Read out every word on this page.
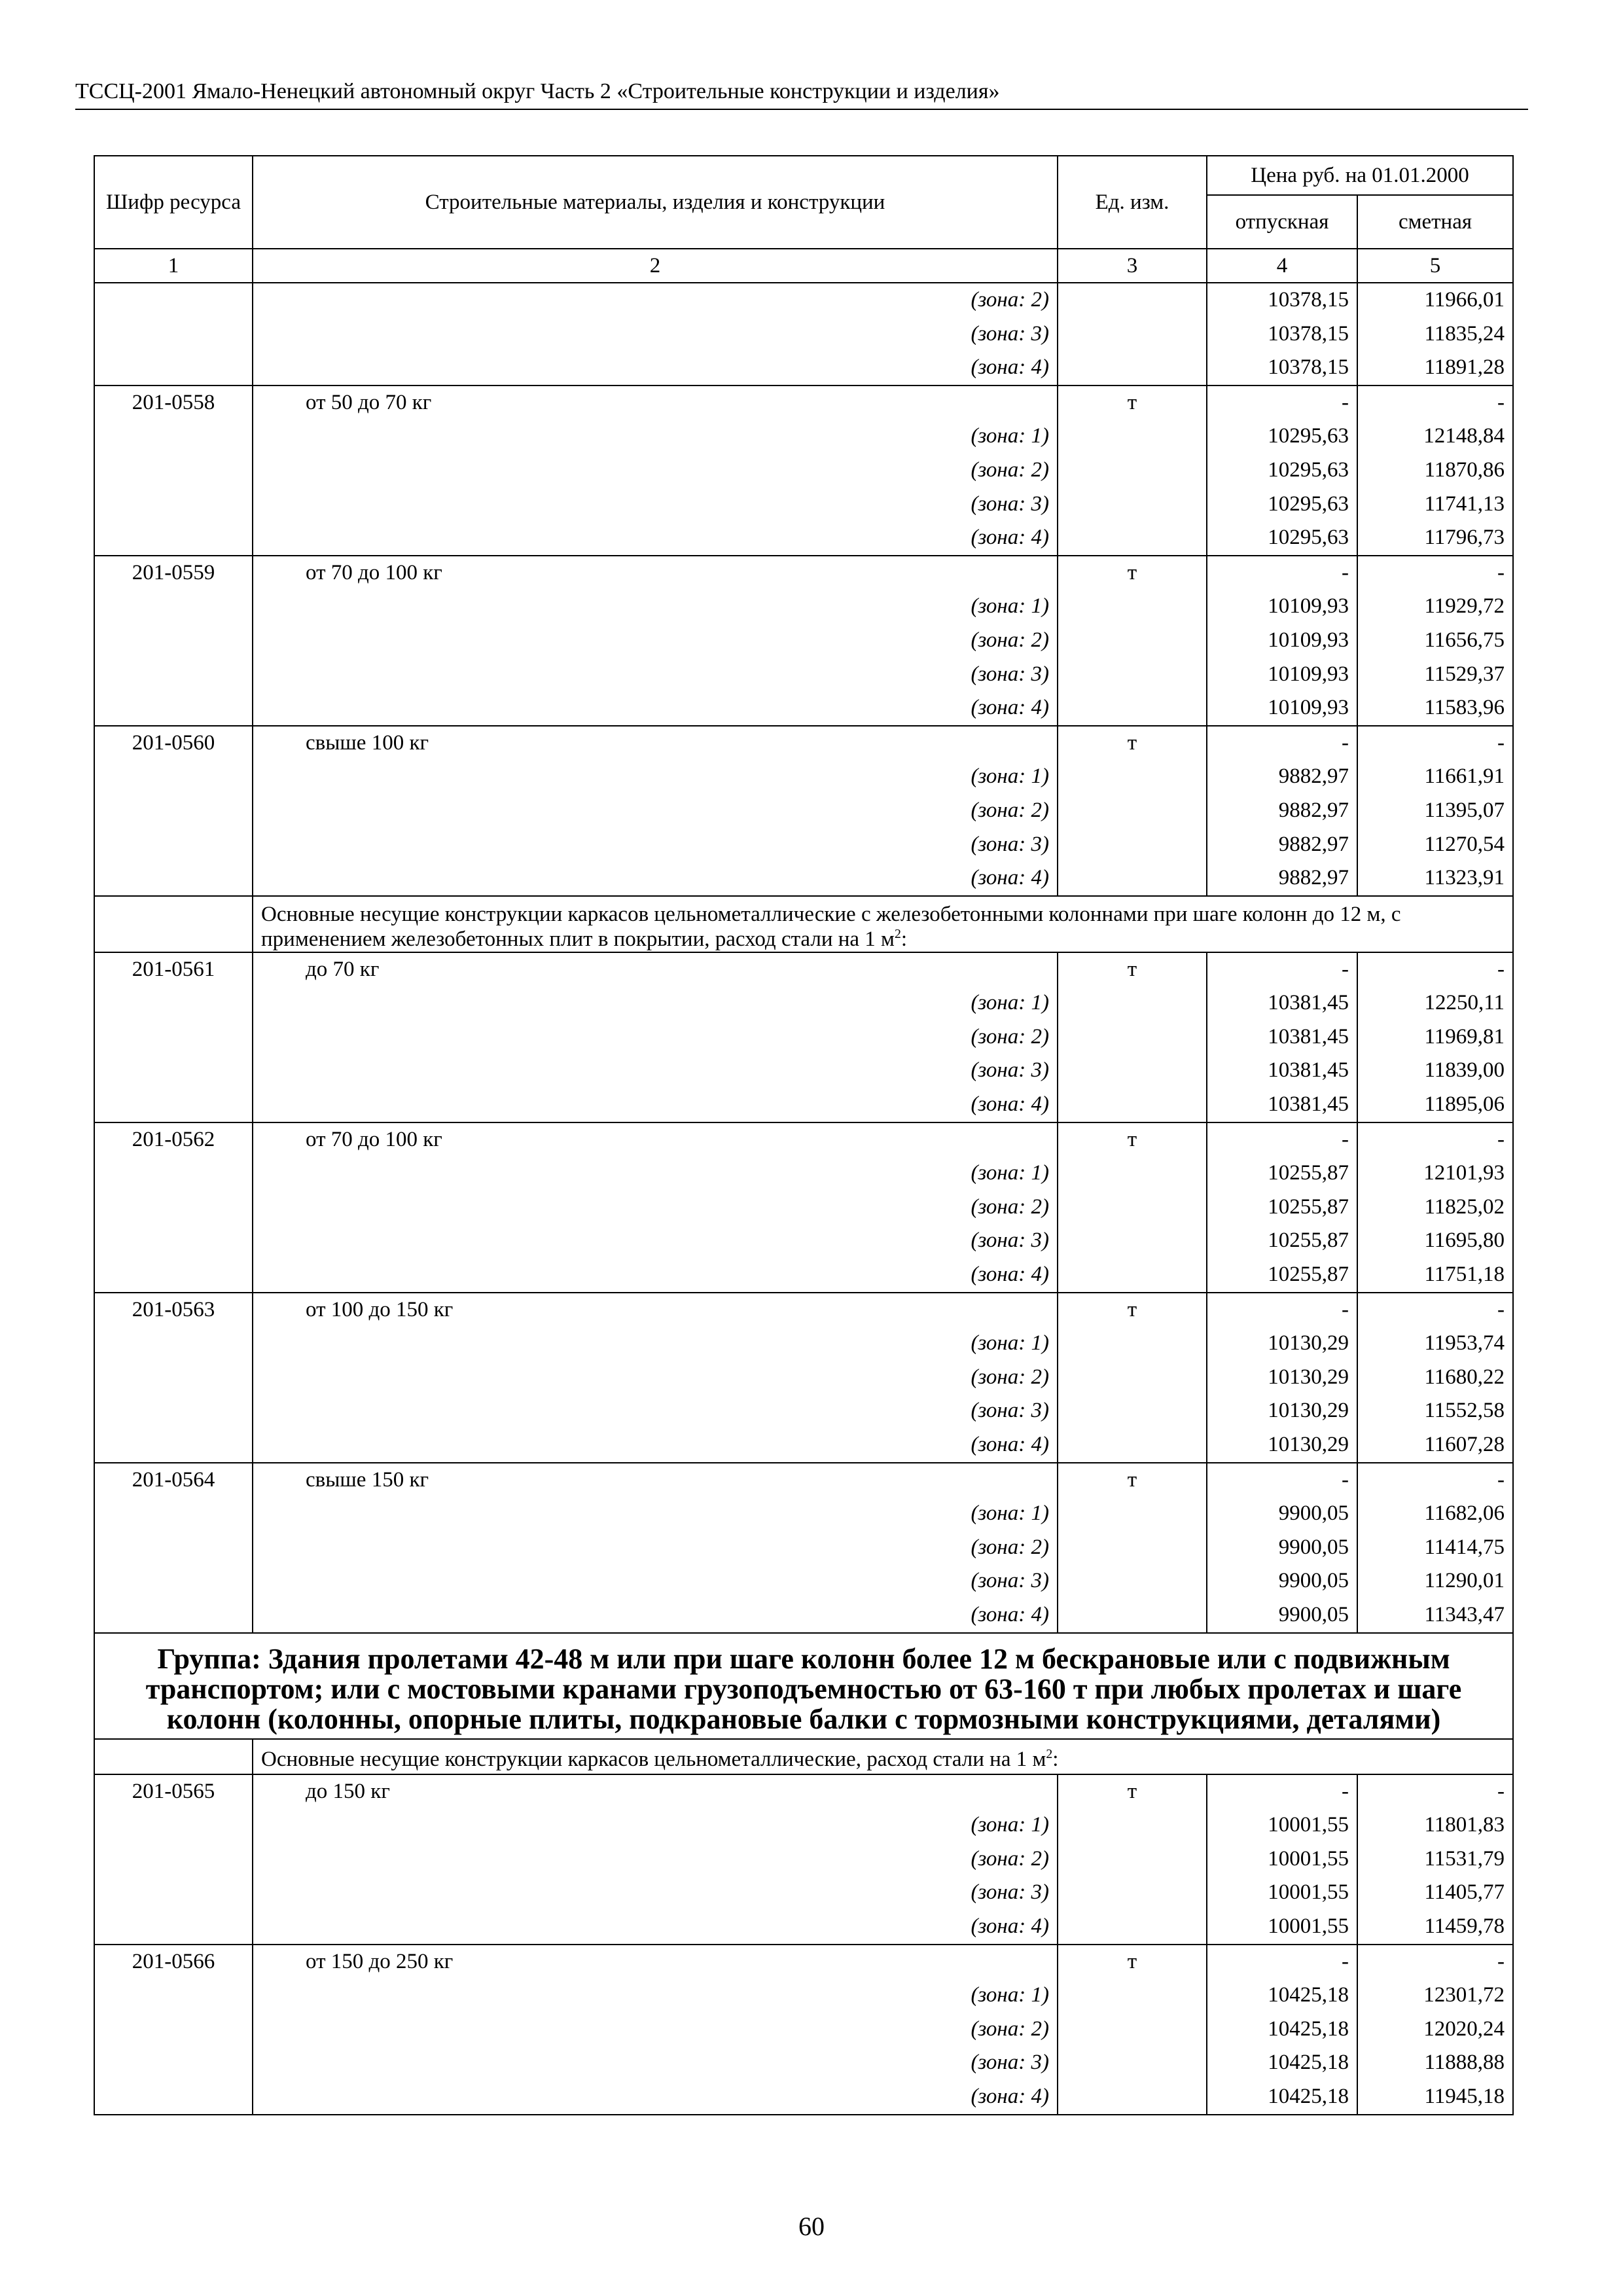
ТССЦ-2001 Ямало-Ненецкий автономный округ Часть 2 «Строительные конструкции и изделия»
Шифр ресурса	Строительные материалы, изделия и конструкции	Ед. изм.	Цена руб. на 01.01.2000	
			отпускная	сметная
1	2	3	4	5
	(зона: 2)		10378,15	11966,01
	(зона: 3)		10378,15	11835,24
	(зона: 4)		10378,15	11891,28
201-0558	от 50 до 70 кг	т	-	-
	(зона: 1)		10295,63	12148,84
	(зона: 2)		10295,63	11870,86
	(зона: 3)		10295,63	11741,13
	(зона: 4)		10295,63	11796,73
201-0559	от 70 до 100 кг	т	-	-
	(зона: 1)		10109,93	11929,72
	(зона: 2)		10109,93	11656,75
	(зона: 3)		10109,93	11529,37
	(зона: 4)		10109,93	11583,96
201-0560	свыше 100 кг	т	-	-
	(зона: 1)		9882,97	11661,91
	(зона: 2)		9882,97	11395,07
	(зона: 3)		9882,97	11270,54
	(зона: 4)		9882,97	11323,91
	Основные несущие конструкции каркасов цельнометаллические с железобетонными колоннами при шаге колонн до 12 м, с применением железобетонных плит в покрытии, расход стали на 1 $м^2$:			
201-0561	до 70 кг	т	-	-
	(зона: 1)		10381,45	12250,11
	(зона: 2)		10381,45	11969,81
	(зона: 3)		10381,45	11839,00
	(зона: 4)		10381,45	11895,06
201-0562	от 70 до 100 кг	т	-	-
	(зона: 1)		10255,87	12101,93
	(зона: 2)		10255,87	11825,02
	(зона: 3)		10255,87	11695,80
	(зона: 4)		10255,87	11751,18
201-0563	от 100 до 150 кг	т	-	-
	(зона: 1)		10130,29	11953,74
	(зона: 2)		10130,29	11680,22
	(зона: 3)		10130,29	11552,58
	(зона: 4)		10130,29	11607,28
201-0564	свыше 150 кг	т	-	-
	(зона: 1)		9900,05	11682,06
	(зона: 2)		9900,05	11414,75
	(зона: 3)		9900,05	11290,01
	(зона: 4)		9900,05	11343,47
Группа: Здания пролетами 42-48 м или при шаге колонн более 12 м бескрановые или с подвижным транспортом; или с мостовыми кранами грузоподъемностью от 63-160 т при любых пролетах и шаге колонн (колонны, опорные плиты, подкрановые балки с тормозными конструкциями, деталями)				
	Основные несущие конструкции каркасов цельнометаллические, расход стали на 1 $м^2$:			
201-0565	до 150 кг	т	-	-
	(зона: 1)		10001,55	11801,83
	(зона: 2)		10001,55	11531,79
	(зона: 3)		10001,55	11405,77
	(зона: 4)		10001,55	11459,78
201-0566	от 150 до 250 кг	т	-	-
	(зона: 1)		10425,18	12301,72
	(зона: 2)		10425,18	12020,24
	(зона: 3)		10425,18	11888,88
	(зона: 4)		10425,18	11945,18
60
